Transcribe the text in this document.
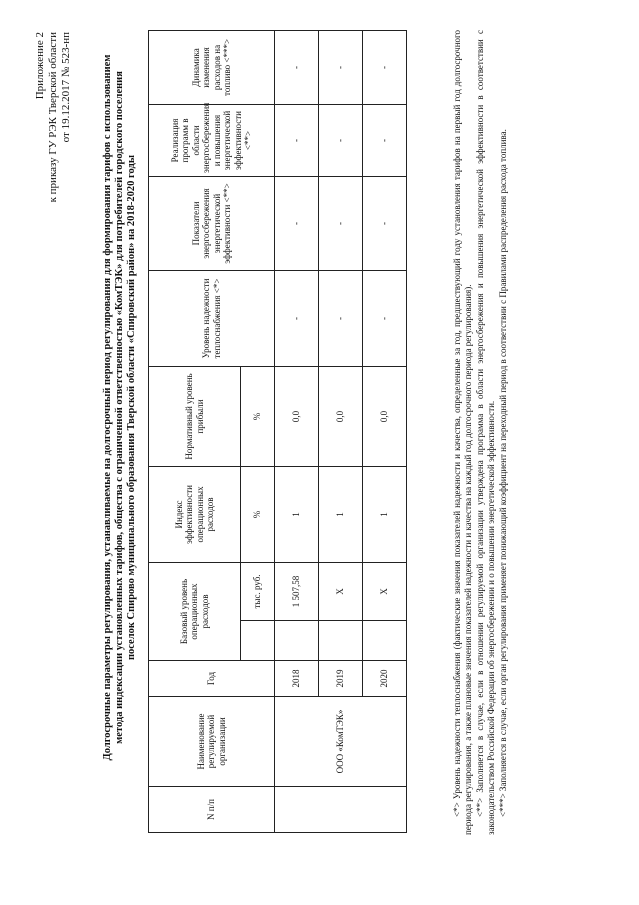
Приложение 2 к приказу ГУ РЭК Тверской области от 19.12.2017 № 523-нп	Долгосрочные параметры регулирования, устанавливаемые на долгосрочный период регулирования для формирования тарифов с использованием метода индексации установленных тарифов, общества с ограниченной ответственностью «КомТЭК» для потребителей городского поселения поселок Спирово муниципального образования Тверской области «Спировский район» на 2018-2020 годы
N п/п	Наименование регулируемой организации	Год	Базовый уровень операционных расходов		Индекс эффективности операционных расходов	Нормативный уровень прибыли	Уровень надежности теплоснабжения <*>	Показатели энергосбережения энергетической эффективности <**>	Реализация программ в области энергосбережения и повышения энергетической эффективности <**>	Динамика изменения расходов на топливо <***>
				тыс. руб.	%	%				
	ООО «КомТЭК»	2018		1 507,58	1	0,0	-	-	-	-
		2019		X	1	0,0	-	-	-	-
		2020		X	1	0,0	-	-	-	-	<*> Уровень надежности теплоснабжения (фактические значения показателей надежности и качества, определенные за год, предшествующий году установления тарифов на первый год долгосрочного периода регулирования, а также плановые значения показателей надежности и качества на каждый год долгосрочного периода регулирования). <**> Заполняется в случае, если в отношении регулируемой организации утверждена программа в области энергосбережения и повышения энергетической эффективности в соответствии с законодательством Российской Федерации об энергосбережении и о повышении энергетической эффективности. <***> Заполняется в случае, если орган регулирования применяет понижающий коэффициент на переходный период в соответствии с Правилами распределения расхода топлива.
